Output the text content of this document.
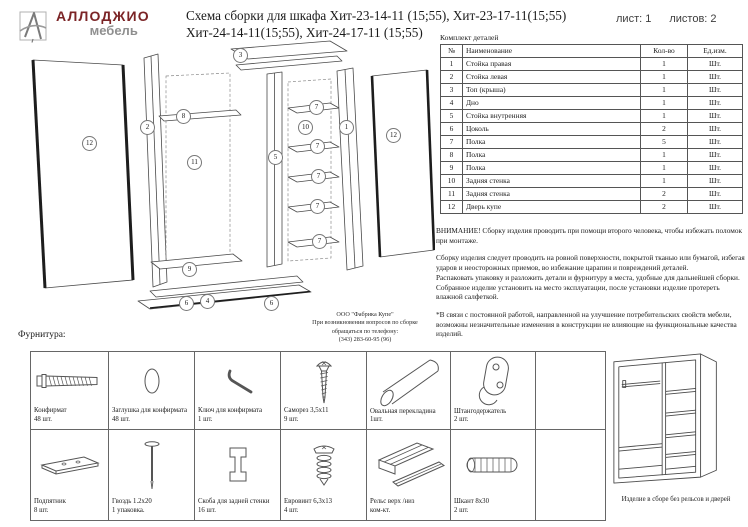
АЛЛОДЖИО
мебель
Схема сборки для шкафа Хит-23-14-11 (15;55), Хит-23-17-11(15;55)
Хит-24-14-11(15;55), Хит-24-17-11 (15;55)
лист: 1 листов: 2
12
2
8
11
9
6	4	6
3
5
10
7
7
7
7
7
1
12
ООО "Фабрика Купе"
При возникновении вопросов по сборке
обращаться по телефону:
(343) 283-60-95 (96)
Комплект деталей
№	Наименование	Кол-во	Ед.изм.
1	Стойка правая	1	Шт.
2	Стойка левая	1	Шт.
3	Топ (крыша)	1	Шт.
4	Дно	1	Шт.
5	Стойка внутренняя	1	Шт.
6	Цоколь	2	Шт.
7	Полка	5	Шт.
8	Полка	1	Шт.
9	Полка	1	Шт.
10	Задняя стенка	1	Шт.
11	Задняя стенка	2	Шт.
12	Дверь купе	2	Шт.
ВНИМАНИЕ! Сборку изделия проводить при помощи второго человека, чтобы избежать поломок при монтаже.
Сборку изделия следует проводить на ровной поверхности, покрытой тканью или бумагой, избегая ударов и неосторожных приемов, во избежание царапин и повреждений деталей.
Распаковать упаковку и разложить детали и фурнитуру в места, удобные для дальнейшей сборки.
Собранное изделие установить на место эксплуатации, после установки изделие протереть влажной салфеткой.
*В связи с постоянной работой, направленной на улучшение потребительских свойств мебели, возможны незначительные изменения в конструкции не влияющие на функциональные качества изделий.
Фурнитура:
Конфирмат
48 шт.
Заглушка для конфирмата
48 шт.
Ключ для конфирмата
1 шт.
Саморез 3,5х11
9 шт.
Овальная перекладина
1шт.
Штангодержатель
2 шт.
Подпятник
8 шт.
Гвоздь 1.2х20
1 упаковка.
Скоба для задней стенки
16 шт.
Евровинт 6,3х13
4 шт.
Рельс верх /низ
ком-кт.
Шкант 8х30
2 шт.
Изделие в сборе без рельсов и дверей
